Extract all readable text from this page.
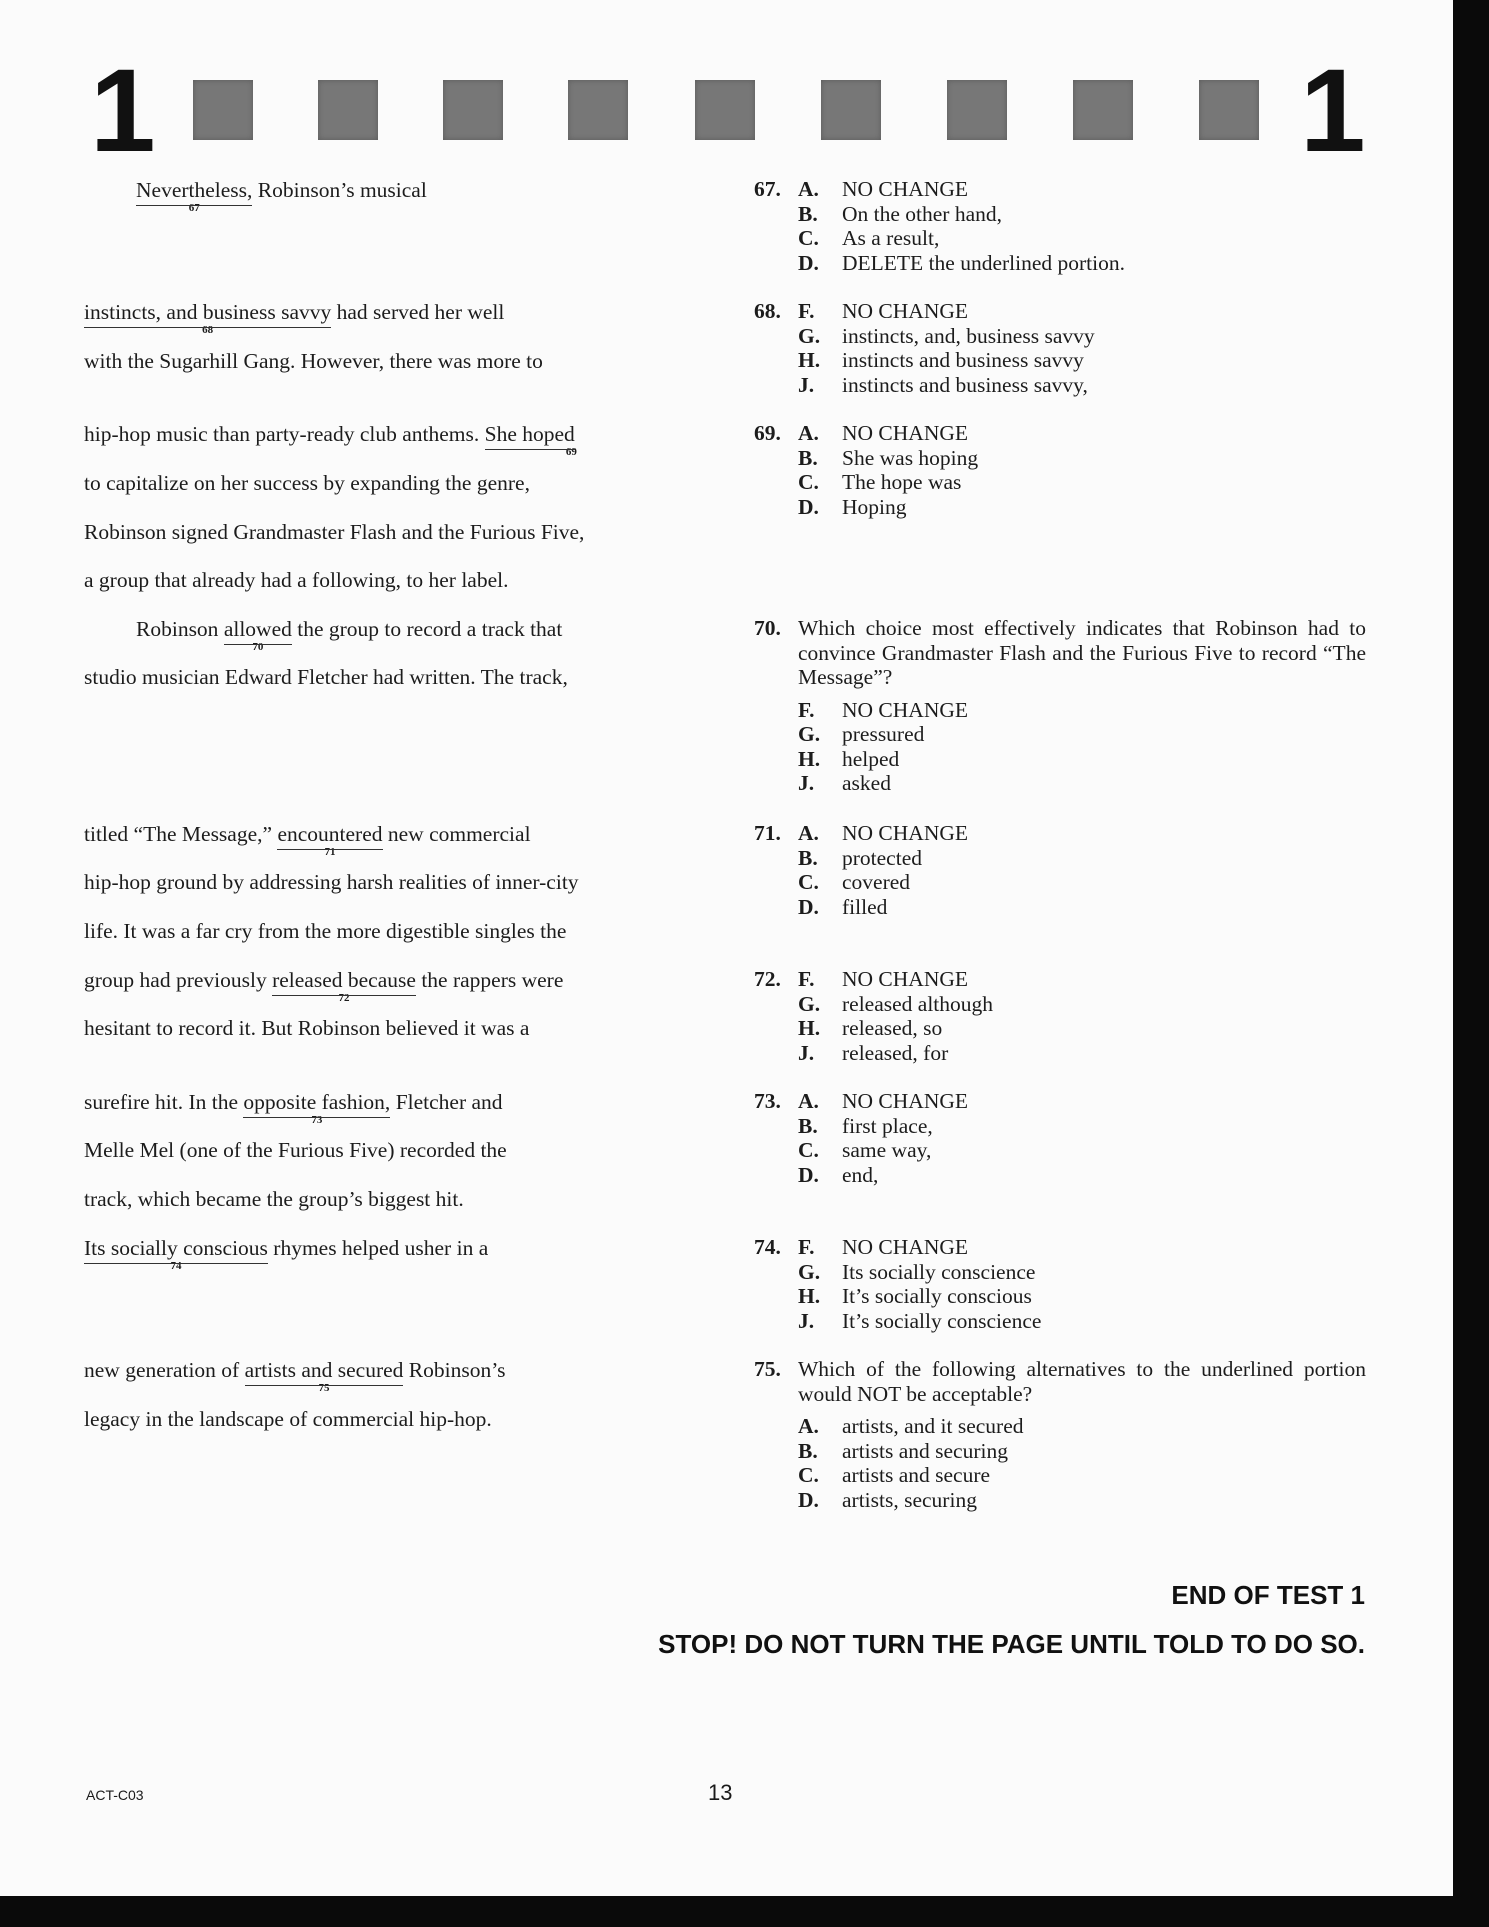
1	1
Nevertheless,
67
Robinson’s musical
instincts, and business savvy
68
had served her well
with the Sugarhill Gang. However, there was more to
hip-hop music than party-ready club anthems. She hoped
69
to capitalize on her success by expanding the genre,
Robinson signed Grandmaster Flash and the Furious Five,
a group that already had a following, to her label.
Robinson allowed
70
the group to record a track that
studio musician Edward Fletcher had written. The track,
titled “The Message,” encountered
71
new commercial
hip-hop ground by addressing harsh realities of inner-city
life. It was a far cry from the more digestible singles the
group had previously released because
72
the rappers were
hesitant to record it. But Robinson believed it was a
surefire hit. In the opposite fashion,
73
Fletcher and
Melle Mel (one of the Furious Five) recorded the
track, which became the group’s biggest hit.
Its socially conscious
74
rhymes helped usher in a
new generation of artists and secured
75
Robinson’s
legacy in the landscape of commercial hip-hop.
67. A. NO CHANGE
B. On the other hand,
C. As a result,
D. DELETE the underlined portion.
68. F. NO CHANGE
G. instincts, and, business savvy
H. instincts and business savvy
J. instincts and business savvy,
69. A. NO CHANGE
B. She was hoping
C. The hope was
D. Hoping
70. Which choice most effectively indicates that Robinson had to convince Grandmaster Flash and the Furious Five to record “The Message”?
F. NO CHANGE
G. pressured
H. helped
J. asked
71. A. NO CHANGE
B. protected
C. covered
D. filled
72. F. NO CHANGE
G. released although
H. released, so
J. released, for
73. A. NO CHANGE
B. first place,
C. same way,
D. end,
74. F. NO CHANGE
G. Its socially conscience
H. It’s socially conscious
J. It’s socially conscience
75. Which of the following alternatives to the underlined portion would NOT be acceptable?
A. artists, and it secured
B. artists and securing
C. artists and secure
D. artists, securing
END OF TEST 1
STOP! DO NOT TURN THE PAGE UNTIL TOLD TO DO SO.
ACT-C03	13
